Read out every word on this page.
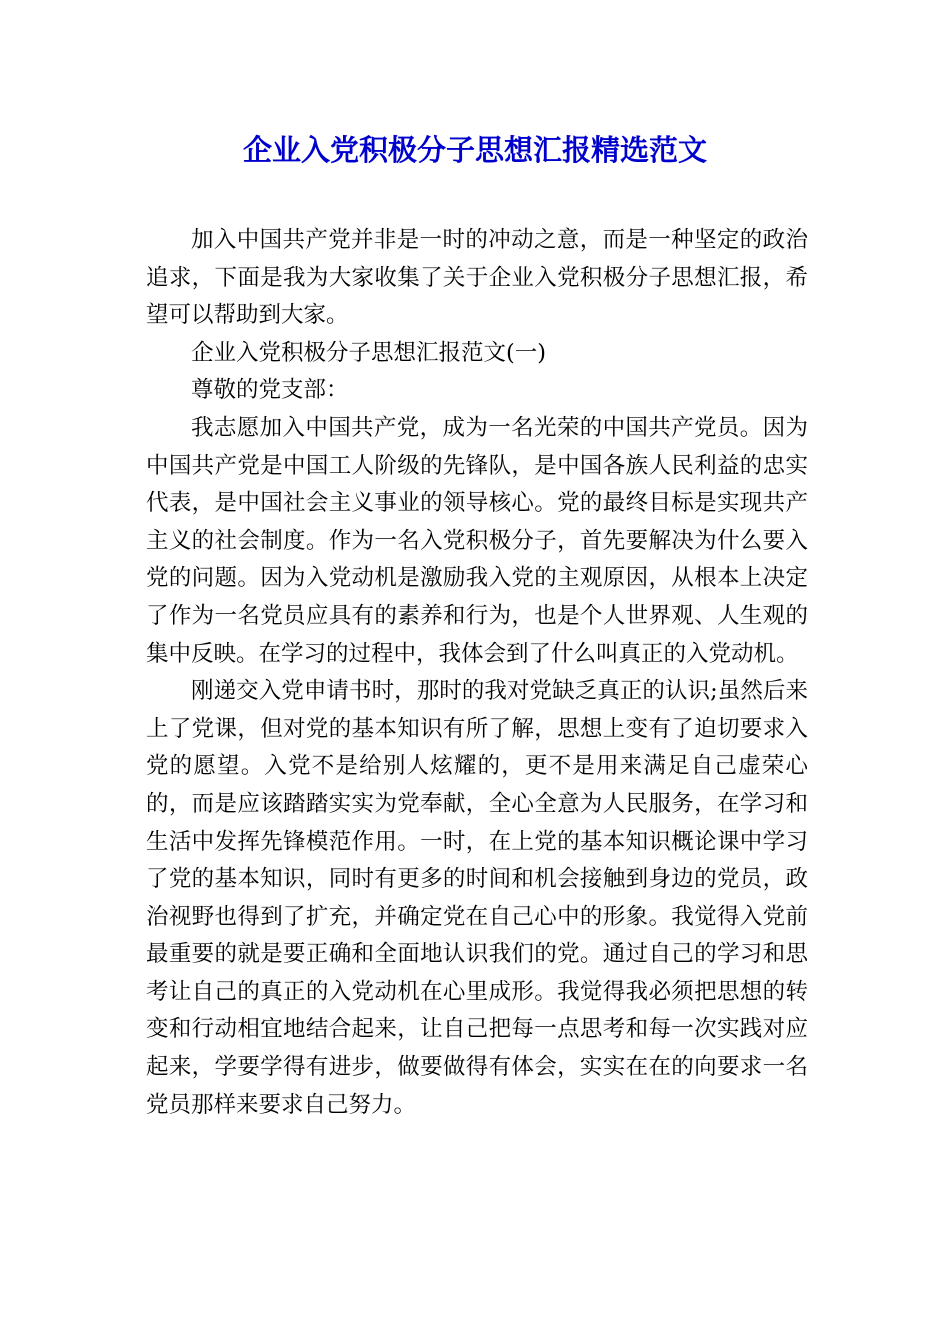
企业入党积极分子思想汇报精选范文

加入中国共产党并非是一时的冲动之意，而是一种坚定的政治追求，下面是我为大家收集了关于企业入党积极分子思想汇报，希望可以帮助到大家。

企业入党积极分子思想汇报范文(一)

尊敬的党支部：

我志愿加入中国共产党，成为一名光荣的中国共产党员。因为中国共产党是中国工人阶级的先锋队，是中国各族人民利益的忠实代表，是中国社会主义事业的领导核心。党的最终目标是实现共产主义的社会制度。作为一名入党积极分子，首先要解决为什么要入党的问题。因为入党动机是激励我入党的主观原因，从根本上决定了作为一名党员应具有的素养和行为，也是个人世界观、人生观的集中反映。在学习的过程中，我体会到了什么叫真正的入党动机。

刚递交入党申请书时，那时的我对党缺乏真正的认识;虽然后来上了党课，但对党的基本知识有所了解，思想上变有了迫切要求入党的愿望。入党不是给别人炫耀的，更不是用来满足自己虚荣心的，而是应该踏踏实实为党奉献，全心全意为人民服务，在学习和生活中发挥先锋模范作用。一时，在上党的基本知识概论课中学习了党的基本知识，同时有更多的时间和机会接触到身边的党员，政治视野也得到了扩充，并确定党在自己心中的形象。我觉得入党前最重要的就是要正确和全面地认识我们的党。通过自己的学习和思考让自己的真正的入党动机在心里成形。我觉得我必须把思想的转变和行动相宜地结合起来，让自己把每一点思考和每一次实践对应起来，学要学得有进步，做要做得有体会，实实在在的向要求一名党员那样来要求自己努力。
